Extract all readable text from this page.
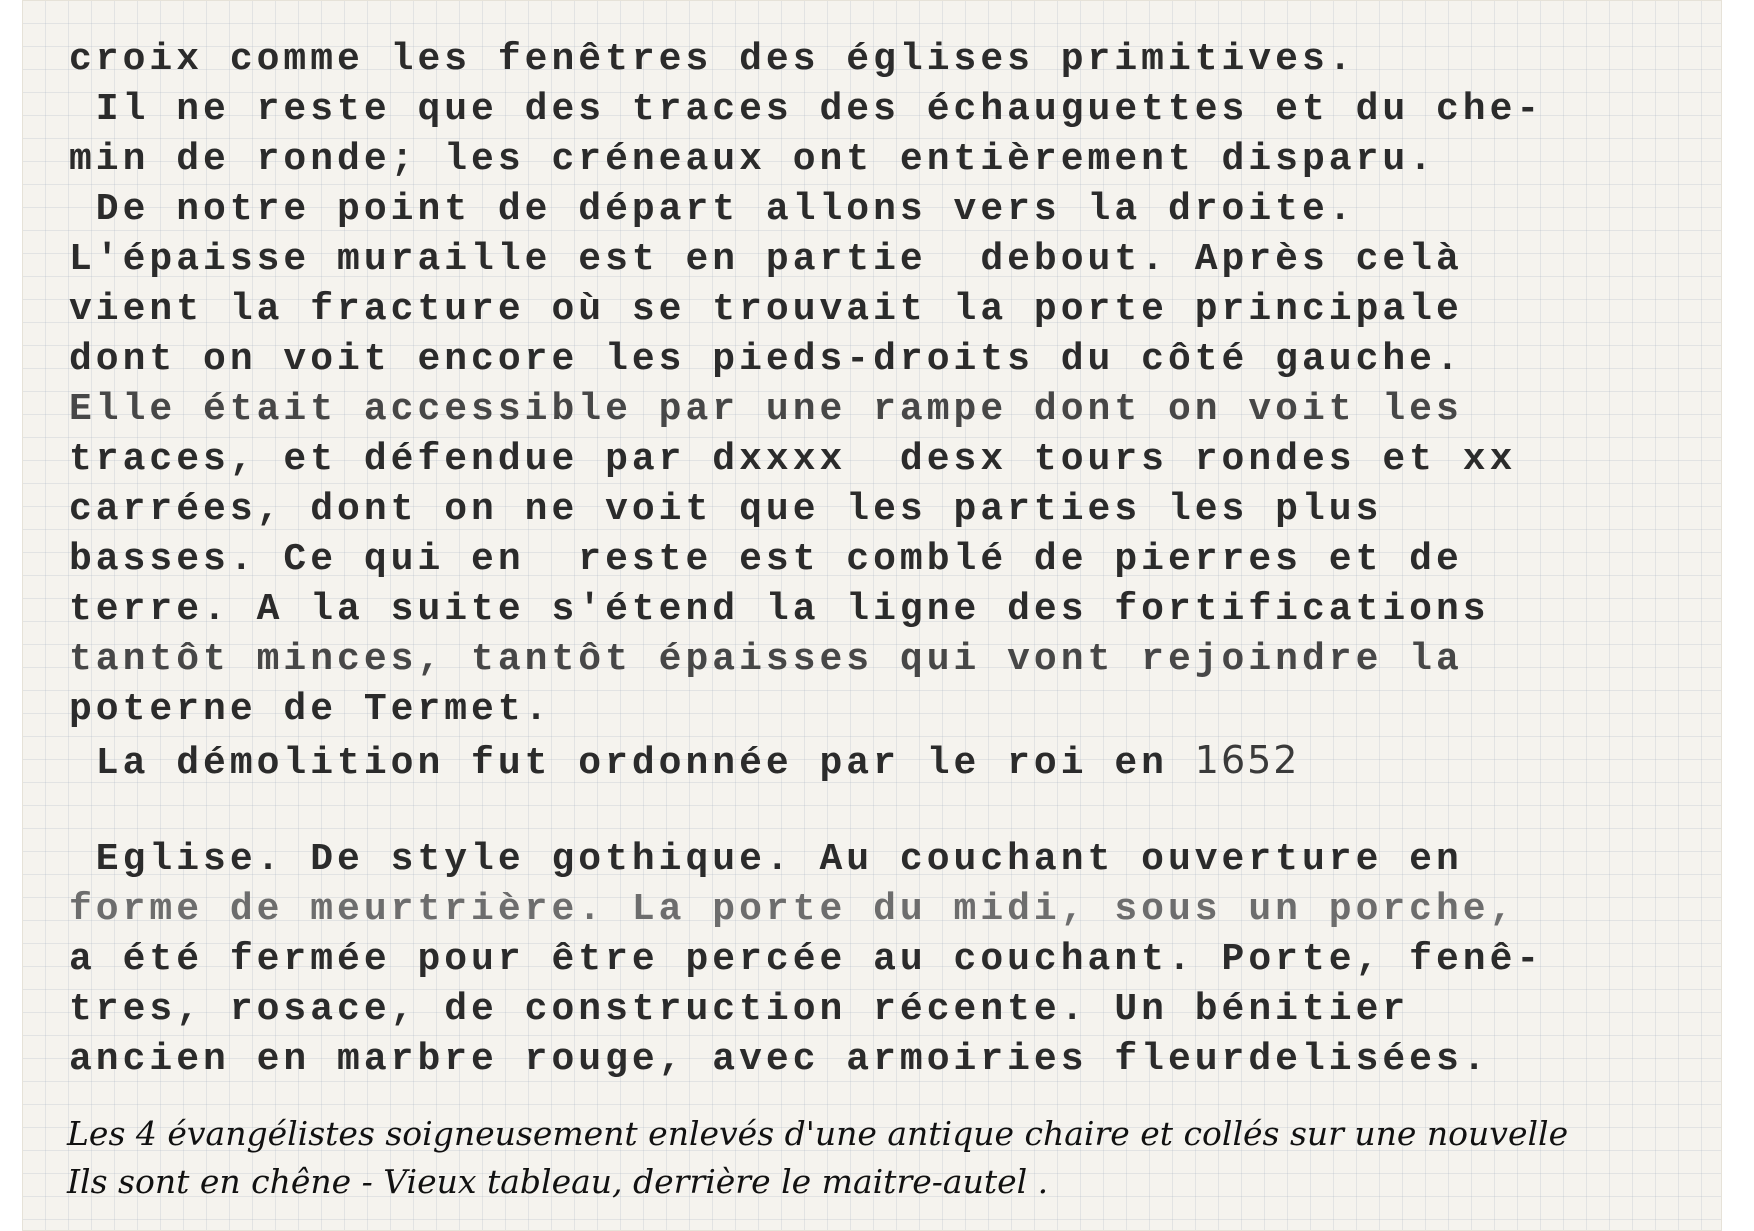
croix comme les fenêtres des églises primitives.

Il ne reste que des traces des échauguettes et du che-

min de ronde; les créneaux ont entièrement disparu.

De notre point de départ allons vers la droite.

L'épaisse muraille est en partie  debout. Après celà

vient la fracture où se trouvait la porte principale

dont on voit encore les pieds-droits du côté gauche.

Elle était accessible par une rampe dont on voit les

traces, et défendue par dxxxx  desx tours rondes et xx

carrées, dont on ne voit que les parties les plus

basses. Ce qui en  reste est comblé de pierres et de

terre. A la suite s'étend la ligne des fortifications

tantôt minces, tantôt épaisses qui vont rejoindre la

poterne de Termet.

La démolition fut ordonnée par le roi en 1652

Eglise. De style gothique. Au couchant ouverture en

forme de meurtrière. La porte du midi, sous un porche,

a été fermée pour être percée au couchant. Porte, fenê-

tres, rosace, de construction récente. Un bénitier

ancien en marbre rouge, avec armoiries fleurdelisées.

Les 4 évangélistes soigneusement enlevés d'une antique chaire et collés sur une nouvelle
Ils sont en chêne - Vieux tableau, derrière le maitre-autel .
